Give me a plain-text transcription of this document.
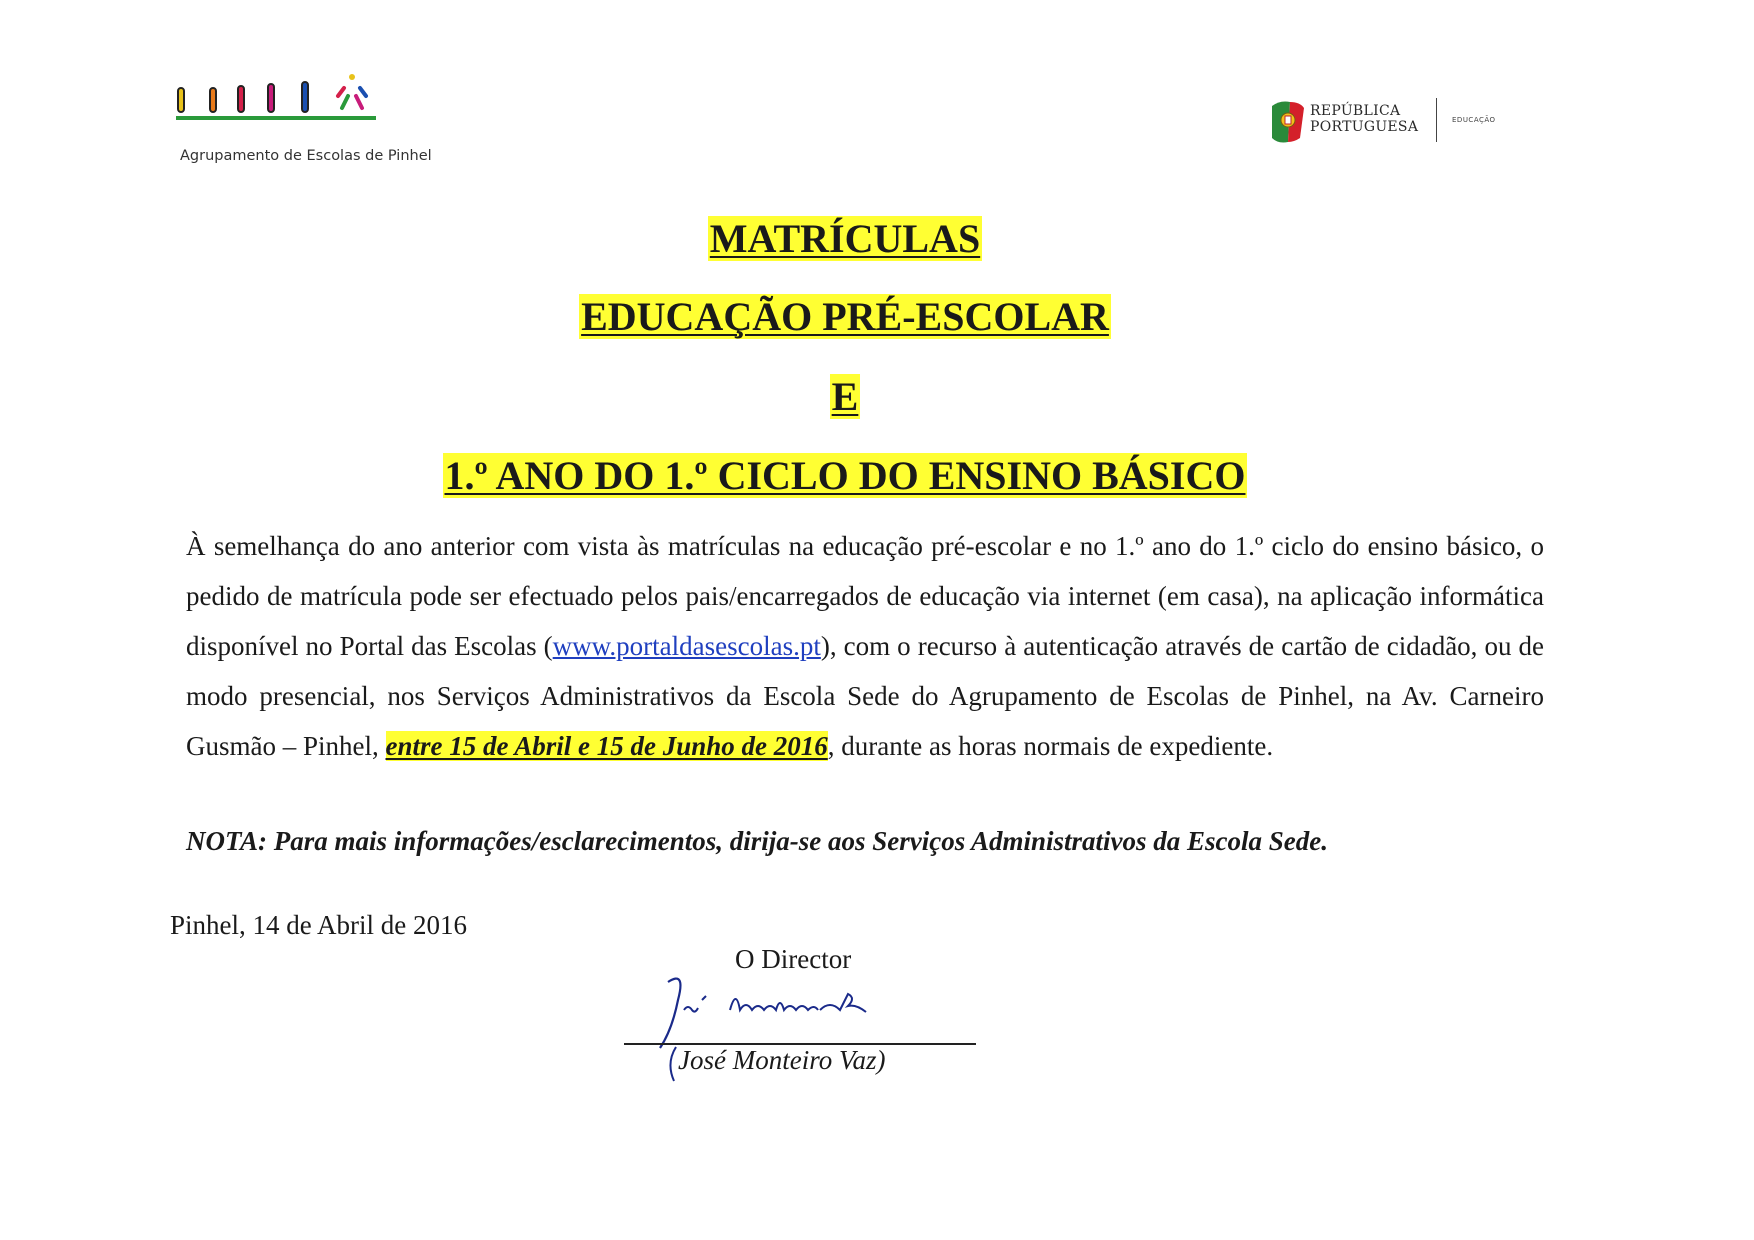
Agrupamento de Escolas de Pinhel
REPÚBLICA
PORTUGUESA	EDUCAÇÃO
MATRÍCULAS
EDUCAÇÃO PRÉ-ESCOLAR
E
1.º ANO DO 1.º CICLO DO ENSINO BÁSICO
À semelhança do ano anterior com vista às matrículas na educação pré-escolar e no 1.º ano do 1.º ciclo do ensino básico, o pedido de matrícula pode ser efectuado pelos pais/encarregados de educação via internet (em casa), na aplicação informática disponível no Portal das Escolas (www.portaldasescolas.pt), com o recurso à autenticação através de cartão de cidadão, ou de modo presencial, nos Serviços Administrativos da Escola Sede do Agrupamento de Escolas de Pinhel, na Av. Carneiro Gusmão – Pinhel, entre 15 de Abril e 15 de Junho de 2016, durante as horas normais de expediente.
NOTA: Para mais informações/esclarecimentos, dirija-se aos Serviços Administrativos da Escola Sede.
Pinhel, 14 de Abril de 2016
O Director
José Monteiro Vaz)
